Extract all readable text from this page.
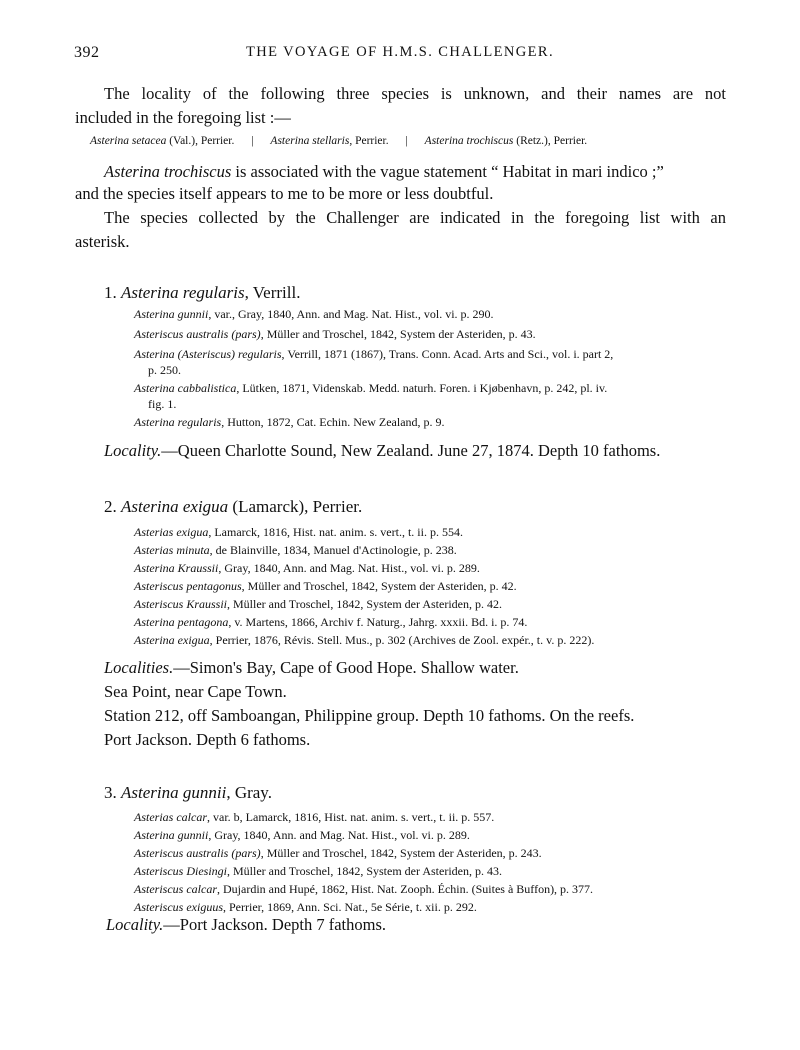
392	THE VOYAGE OF H.M.S. CHALLENGER.
The locality of the following three species is unknown, and their names are not
included in the foregoing list :—
Asterina setacea (Val.), Perrier. | Asterina stellaris, Perrier. | Asterina trochiscus (Retz.), Perrier.
Asterina trochiscus is associated with the vague statement “ Habitat in mari indico ;”
and the species itself appears to me to be more or less doubtful.
The species collected by the Challenger are indicated in the foregoing list with an
asterisk.
1. Asterina regularis, Verrill.
Asterina gunnii, var., Gray, 1840, Ann. and Mag. Nat. Hist., vol. vi. p. 290.
Asteriscus australis (pars), Müller and Troschel, 1842, System der Asteriden, p. 43.
Asterina (Asteriscus) regularis, Verrill, 1871 (1867), Trans. Conn. Acad. Arts and Sci., vol. i. part 2,
p. 250.
Asterina cabbalistica, Lütken, 1871, Videnskab. Medd. naturh. Foren. i Kjøbenhavn, p. 242, pl. iv.
fig. 1.
Asterina regularis, Hutton, 1872, Cat. Echin. New Zealand, p. 9.
Locality.—Queen Charlotte Sound, New Zealand. June 27, 1874. Depth 10 fathoms.
2. Asterina exigua (Lamarck), Perrier.
Asterias exigua, Lamarck, 1816, Hist. nat. anim. s. vert., t. ii. p. 554.
Asterias minuta, de Blainville, 1834, Manuel d'Actinologie, p. 238.
Asterina Kraussii, Gray, 1840, Ann. and Mag. Nat. Hist., vol. vi. p. 289.
Asteriscus pentagonus, Müller and Troschel, 1842, System der Asteriden, p. 42.
Asteriscus Kraussii, Müller and Troschel, 1842, System der Asteriden, p. 42.
Asterina pentagona, v. Martens, 1866, Archiv f. Naturg., Jahrg. xxxii. Bd. i. p. 74.
Asterina exigua, Perrier, 1876, Révis. Stell. Mus., p. 302 (Archives de Zool. expér., t. v. p. 222).
Localities.—Simon's Bay, Cape of Good Hope. Shallow water.
Sea Point, near Cape Town.
Station 212, off Samboangan, Philippine group. Depth 10 fathoms. On the reefs.
Port Jackson. Depth 6 fathoms.
3. Asterina gunnii, Gray.
Asterias calcar, var. b, Lamarck, 1816, Hist. nat. anim. s. vert., t. ii. p. 557.
Asterina gunnii, Gray, 1840, Ann. and Mag. Nat. Hist., vol. vi. p. 289.
Asteriscus australis (pars), Müller and Troschel, 1842, System der Asteriden, p. 243.
Asteriscus Diesingi, Müller and Troschel, 1842, System der Asteriden, p. 43.
Asteriscus calcar, Dujardin and Hupé, 1862, Hist. Nat. Zooph. Échin. (Suites à Buffon), p. 377.
Asteriscus exiguus, Perrier, 1869, Ann. Sci. Nat., 5e Série, t. xii. p. 292.
Locality.—Port Jackson. Depth 7 fathoms.
